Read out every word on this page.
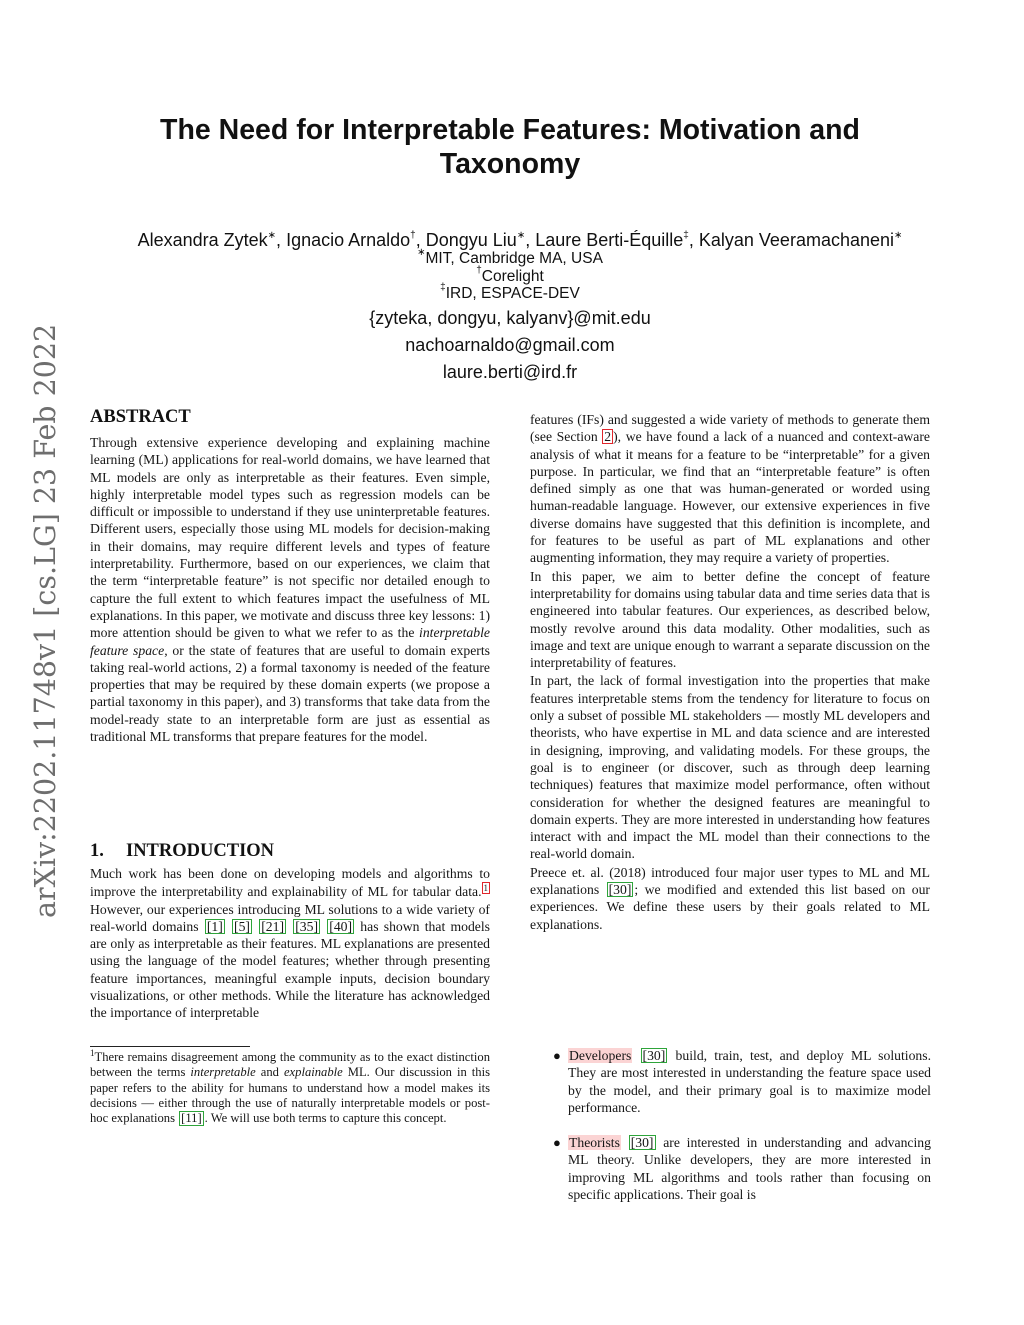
arXiv:2202.11748v1 [cs.LG] 23 Feb 2022
The Need for Interpretable Features: Motivation and Taxonomy
Alexandra Zytek∗, Ignacio Arnaldo†, Dongyu Liu∗, Laure Berti-Équille‡, Kalyan Veeramachaneni∗
∗MIT, Cambridge MA, USA
†Corelight
‡IRD, ESPACE-DEV
{zyteka, dongyu, kalyanv}@mit.edu
nachoarnaldo@gmail.com
laure.berti@ird.fr
ABSTRACT

Through extensive experience developing and explaining machine learning (ML) applications for real-world domains, we have learned that ML models are only as interpretable as their features. Even simple, highly interpretable model types such as regression models can be difficult or impossible to understand if they use uninterpretable features. Different users, especially those using ML models for decision-making in their domains, may require different levels and types of feature interpretability. Furthermore, based on our experiences, we claim that the term “interpretable feature” is not specific nor detailed enough to capture the full extent to which features impact the usefulness of ML explanations. In this paper, we motivate and discuss three key lessons: 1) more attention should be given to what we refer to as the interpretable feature space, or the state of features that are useful to domain experts taking real-world actions, 2) a formal taxonomy is needed of the feature properties that may be required by these domain experts (we propose a partial taxonomy in this paper), and 3) transforms that take data from the model-ready state to an interpretable form are just as essential as traditional ML transforms that prepare features for the model.

1. INTRODUCTION

Much work has been done on developing models and algorithms to improve the interpretability and explainability of ML for tabular data. 1 However, our experiences introducing ML solutions to a wide variety of real-world domains [1] [5] [21] [35] [40] has shown that models are only as interpretable as their features. ML explanations are presented using the language of the model features; whether through presenting feature importances, meaningful example inputs, decision boundary visualizations, or other methods. While the literature has acknowledged the importance of interpretable

$^1$There remains disagreement among the community as to the exact distinction between the terms interpretable and explainable ML. Our discussion in this paper refers to the ability for humans to understand how a model makes its decisions — either through the use of naturally interpretable models or post-hoc explanations [11] . We will use both terms to capture this concept.

features (IFs) and suggested a wide variety of methods to generate them (see Section 2 ), we have found a lack of a nuanced and context-aware analysis of what it means for a feature to be “interpretable” for a given purpose. In particular, we find that an “interpretable feature” is often defined simply as one that was human-generated or worded using human-readable language. However, our extensive experiences in five diverse domains have suggested that this definition is incomplete, and for features to be useful as part of ML explanations and other augmenting information, they may require a variety of properties.

In this paper, we aim to better define the concept of feature interpretability for domains using tabular data and time series data that is engineered into tabular features. Our experiences, as described below, mostly revolve around this data modality. Other modalities, such as image and text are unique enough to warrant a separate discussion on the interpretability of features.

In part, the lack of formal investigation into the properties that make features interpretable stems from the tendency for literature to focus on only a subset of possible ML stakeholders — mostly ML developers and theorists, who have expertise in ML and data science and are interested in designing, improving, and validating models. For these groups, the goal is to engineer (or discover, such as through deep learning techniques) features that maximize model performance, often without consideration for whether the designed features are meaningful to domain experts. They are more interested in understanding how features interact with and impact the ML model than their connections to the real-world domain.

Preece et. al. (2018) introduced four major user types to ML and ML explanations [30] ; we modified and extended this list based on our experiences. We define these users by their goals related to ML explanations.

● Developers [30] build, train, test, and deploy ML solutions. They are most interested in understanding the feature space used by the model, and their primary goal is to maximize model performance.
● Theorists [30] are interested in understanding and advancing ML theory. Unlike developers, they are more interested in improving ML algorithms and tools rather than focusing on specific applications. Their goal is
